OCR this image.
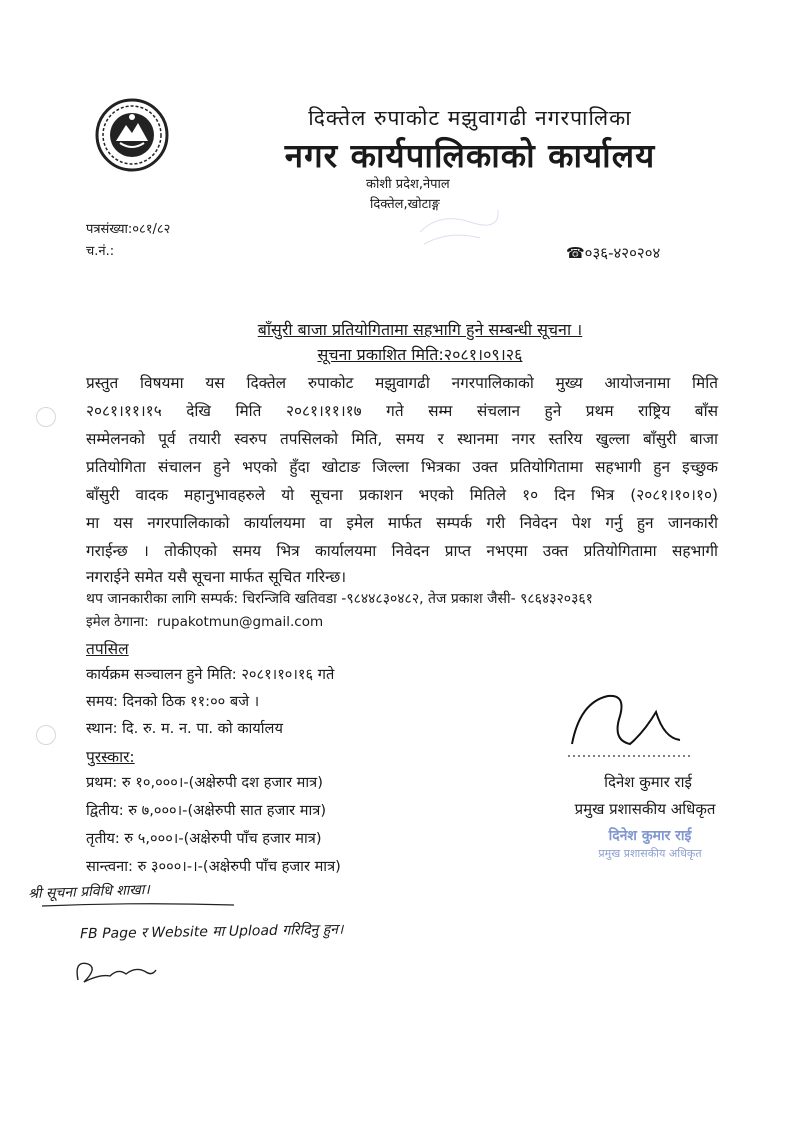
दिक्तेल रुपाकोट मझुवागढी नगरपालिका
नगर कार्यपालिकाको कार्यालय
कोशी प्रदेश,नेपाल
दिक्तेल,खोटाङ्ग
पत्रसंख्या:०८१/८२
च.नं.:	☎०३६-४२०२०४
बाँसुरी बाजा प्रतियोगितामा सहभागि हुने सम्बन्धी सूचना ।
सूचना प्रकाशित मिति:२०८१।०९।२६
प्रस्तुत विषयमा यस दिक्तेल रुपाकोट मझुवागढी नगरपालिकाको मुख्य आयोजनामा मिति
२०८१।११।१५ देखि मिति २०८१।११।१७ गते सम्म संचलान हुने प्रथम राष्ट्रिय बाँस
सम्मेलनको पूर्व तयारी स्वरुप तपसिलको मिति, समय र स्थानमा नगर स्तरिय खुल्ला बाँसुरी बाजा
प्रतियोगिता संचालन हुने भएको हुँदा खोटाङ जिल्ला भित्रका उक्त प्रतियोगितामा सहभागी हुन इच्छुक
बाँसुरी वादक महानुभावहरुले यो सूचना प्रकाशन भएको मितिले १० दिन भित्र (२०८१।१०।१०)
मा यस नगरपालिकाको कार्यालयमा वा इमेल मार्फत सम्पर्क गरी निवेदन पेश गर्नु हुन जानकारी
गराईन्छ । तोकीएको समय भित्र कार्यालयमा निवेदन प्राप्त नभएमा उक्त प्रतियोगितामा सहभागी
नगराईने समेत यसै सूचना मार्फत सूचित गरिन्छ।
थप जानकारीका लागि सम्पर्क: चिरन्जिवि खतिवडा -९८४४८३०४८२, तेज प्रकाश जैसी- ९८६४३२०३६१
इमेल ठेगाना: rupakotmun@gmail.com
तपसिल
कार्यक्रम सञ्चालन हुने मिति: २०८१।१०।१६ गते
समय: दिनको ठिक ११:०० बजे ।
स्थान: दि. रु. म. न. पा. को कार्यालय
पुरस्कार:
प्रथम: रु १०,०००।-(अक्षेरुपी दश हजार मात्र)
द्वितीय: रु ७,०००।-(अक्षेरुपी सात हजार मात्र)
तृतीय: रु ५,०००।-(अक्षेरुपी पाँच हजार मात्र)
सान्त्वना: रु ३०००।-।-(अक्षेरुपी पाँच हजार मात्र)
दिनेश कुमार राई
प्रमुख प्रशासकीय अधिकृत
दिनेश कुमार राई
प्रमुख प्रशासकीय अधिकृत
श्री सूचना प्रविधि शाखा।
FB Page र Website मा Upload गरिदिनु हुन।
